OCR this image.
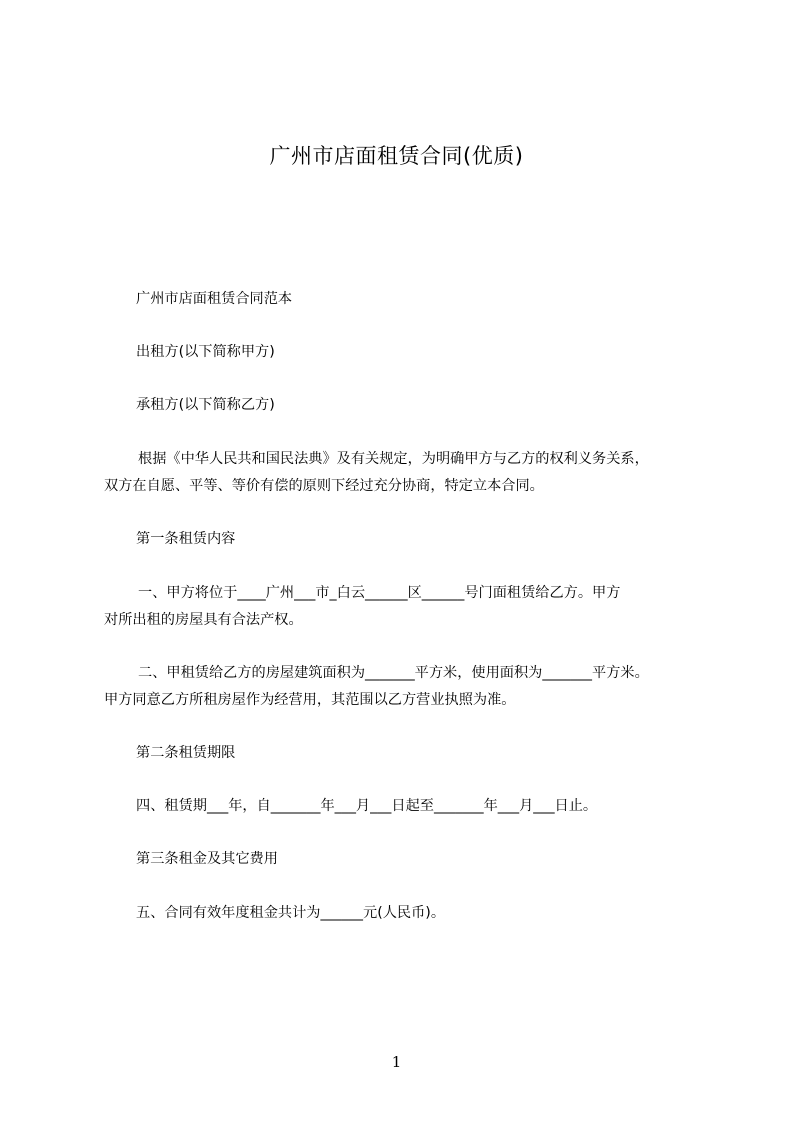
广州市店面租赁合同(优质)
广州市店面租赁合同范本
出租方(以下简称甲方)
承租方(以下简称乙方)
根据《中华人民共和国民法典》及有关规定，为明确甲方与乙方的权利义务关系，
双方在自愿、平等、等价有偿的原则下经过充分协商，特定立本合同。
第一条租赁内容
一、甲方将位于____广州___市_白云______区______号门面租赁给乙方。甲方
对所出租的房屋具有合法产权。
二、甲租赁给乙方的房屋建筑面积为_______平方米，使用面积为_______平方米。
甲方同意乙方所租房屋作为经营用，其范围以乙方营业执照为准。
第二条租赁期限
四、租赁期___年，自_______年___月___日起至_______年___月___日止。
第三条租金及其它费用
五、合同有效年度租金共计为______元(人民币)。
1
